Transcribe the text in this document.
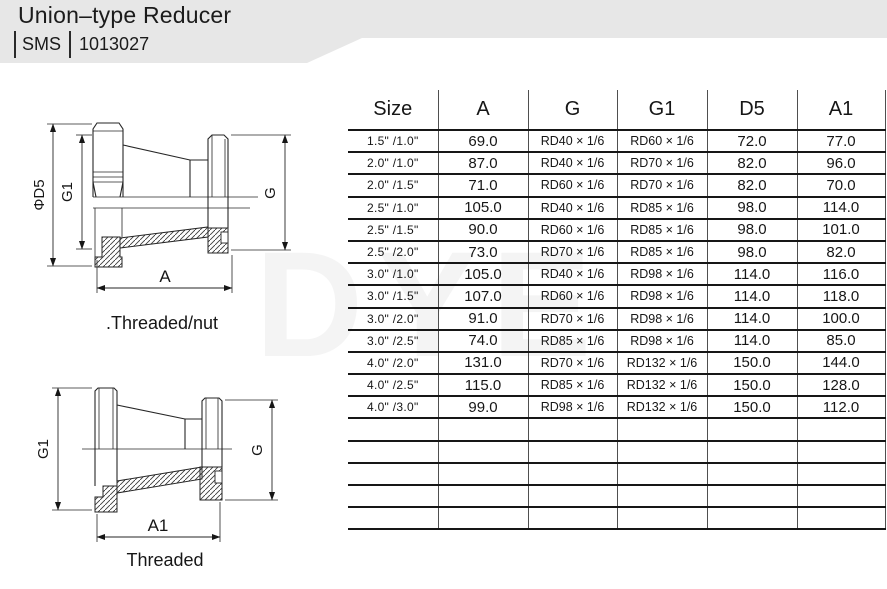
Union–type Reducer
SMS	1013027
ΦD5 G1	G
A
.Threaded/nut
G1	G
A1
Threaded
Size	A	G	G1	D5	A1
1.5" /1.0"	69.0	RD40 × 1/6	RD60 × 1/6	72.0	77.0
2.0" /1.0"	87.0	RD40 × 1/6	RD70 × 1/6	82.0	96.0
2.0" /1.5"	71.0	RD60 × 1/6	RD70 × 1/6	82.0	70.0
2.5" /1.0"	105.0	RD40 × 1/6	RD85 × 1/6	98.0	114.0
2.5" /1.5"	90.0	RD60 × 1/6	RD85 × 1/6	98.0	101.0
2.5" /2.0"	73.0	RD70 × 1/6	RD85 × 1/6	98.0	82.0
3.0" /1.0"	105.0	RD40 × 1/6	RD98 × 1/6	114.0	116.0
3.0" /1.5"	107.0	RD60 × 1/6	RD98 × 1/6	114.0	118.0
3.0" /2.0"	91.0	RD70 × 1/6	RD98 × 1/6	114.0	100.0
3.0" /2.5"	74.0	RD85 × 1/6	RD98 × 1/6	114.0	85.0
4.0" /2.0"	131.0	RD70 × 1/6	RD132 × 1/6	150.0	144.0
4.0" /2.5"	115.0	RD85 × 1/6	RD132 × 1/6	150.0	128.0
4.0" /3.0"	99.0	RD98 × 1/6	RD132 × 1/6	150.0	112.0
